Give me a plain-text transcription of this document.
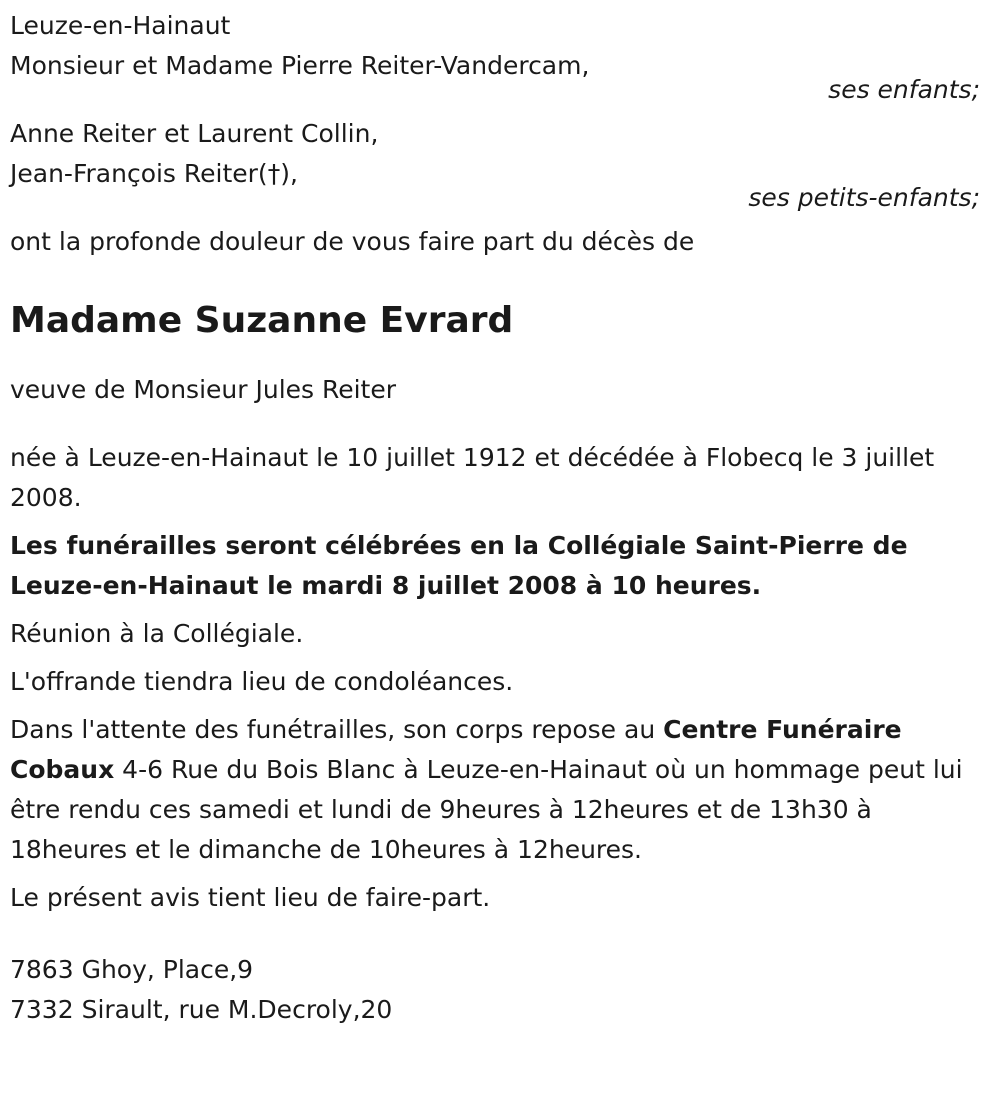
Leuze-en-Hainaut
Monsieur et Madame Pierre Reiter-Vandercam,
ses enfants;
Anne Reiter et Laurent Collin,
Jean-François Reiter(†),
ses petits-enfants;
ont la profonde douleur de vous faire part du décès de
Madame Suzanne Evrard
veuve de Monsieur Jules Reiter
née à Leuze-en-Hainaut le 10 juillet 1912 et décédée à Flobecq le 3 juillet 2008.
Les funérailles seront célébrées en la Collégiale Saint-Pierre de Leuze-en-Hainaut le mardi 8 juillet 2008 à 10 heures.
Réunion à la Collégiale.
L'offrande tiendra lieu de condoléances.
Dans l'attente des funétrailles, son corps repose au Centre Funéraire Cobaux 4-6 Rue du Bois Blanc à Leuze-en-Hainaut où un hommage peut lui être rendu ces samedi et lundi de 9heures à 12heures et de 13h30 à 18heures et le dimanche de 10heures à 12heures.
Le présent avis tient lieu de faire-part.
7863 Ghoy, Place,9
7332 Sirault, rue M.Decroly,20
